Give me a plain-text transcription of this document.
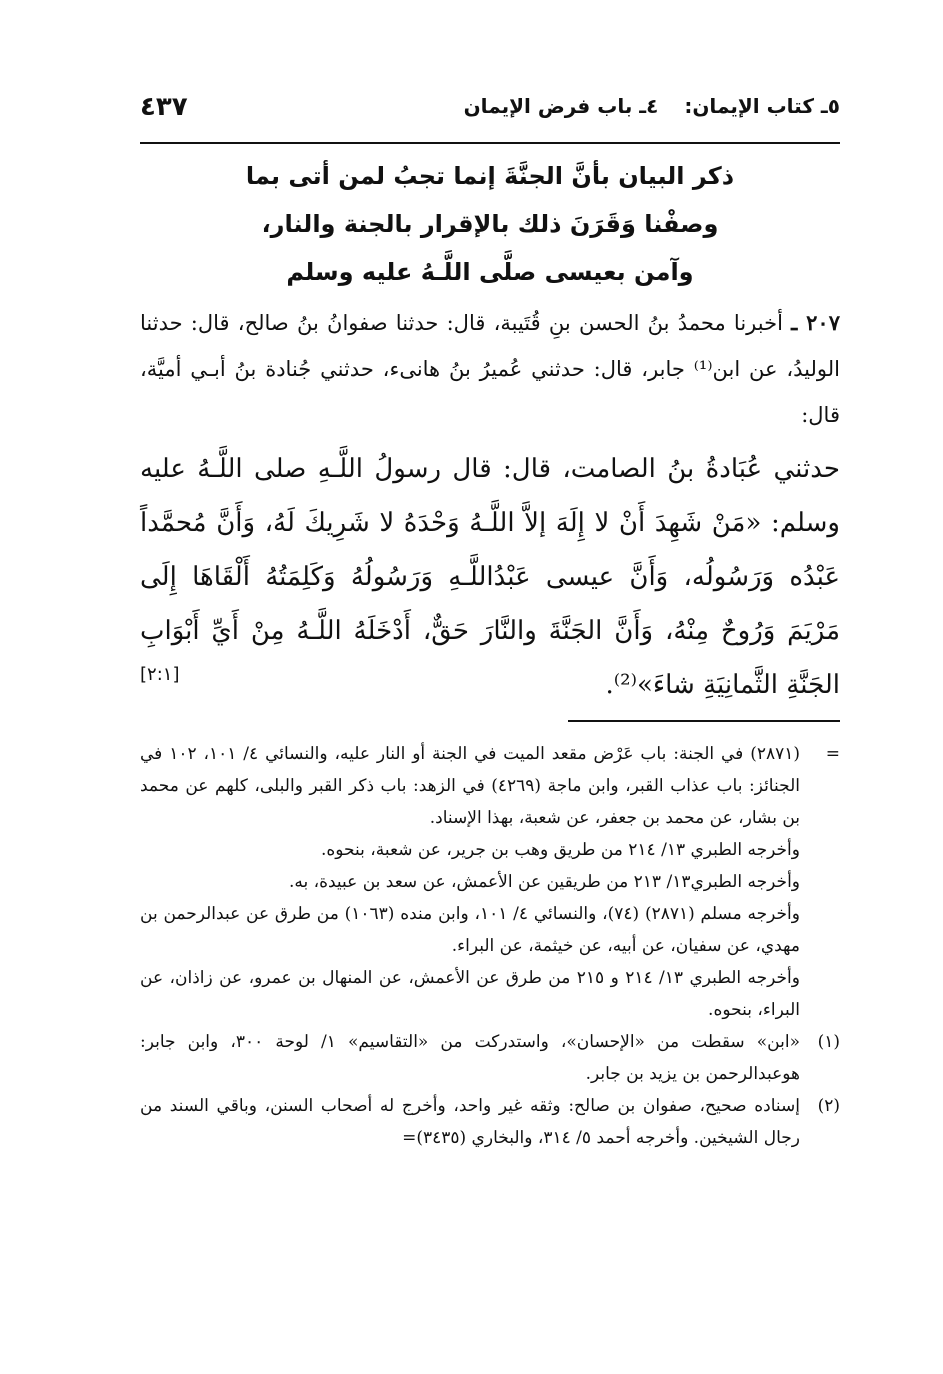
٤٣٧	٥ـ كتاب الإيمان:٤ـ باب فرض الإيمان
ذكر البيان بأنَّ الجنَّةَ إنما تجبُ لمن أتى بما
وصفْنا وَقَرَنَ ذلك بالإقرار بالجنة والنار،
وآمن بعيسى صلَّى اللَّـهُ عليه وسلم
٢٠٧ ـ أخبرنا محمدُ بنُ الحسن بنِ قُتَيبة، قال: حدثنا صفوانُ بنُ صالح، قال: حدثنا الوليدُ، عن ابن⁽¹⁾ جابر، قال: حدثني عُميرُ بنُ هانىء، حدثني جُنادة بنُ أبـي أميَّة، قال:
حدثني عُبَادةُ بنُ الصامت، قال: قال رسولُ اللَّـهِ صلى اللَّـهُ عليه وسلم: «مَنْ شَهِدَ أَنْ لا إِلَهَ إلاَّ اللَّـهُ وَحْدَهُ لا شَرِيكَ لَهُ، وَأَنَّ مُحمَّداً عَبْدُه وَرَسُولُه، وَأَنَّ عيسى عَبْدُاللَّـهِ وَرَسُولُهُ وَكَلِمَتُهُ أَلْقَاهَا إِلَى مَرْيَمَ وَرُوحٌ مِنْهُ، وَأَنَّ الجَنَّةَ والنَّارَ حَقٌّ، أَدْخَلَهُ اللَّـهُ مِنْ أَيِّ أَبْوَابِ الجَنَّةِ الثَّمانِيَةِ شاءَ»⁽²⁾.
[٢:١]
=

(٢٨٧١) في الجنة: باب عَرْض مقعد الميت في الجنة أو النار عليه، والنسائي ٤/ ١٠١، ١٠٢ في الجنائز: باب عذاب القبر، وابن ماجة (٤٢٦٩) في الزهد: باب ذكر القبر والبلى، كلهم عن محمد بن بشار، عن محمد بن جعفر، عن شعبة، بهذا الإسناد.

وأخرجه الطبري ١٣/ ٢١٤ من طريق وهب بن جرير، عن شعبة، بنحوه.

وأخرجه الطبري١٣/ ٢١٣ من طريقين عن الأعمش، عن سعد بن عبيدة، به.

وأخرجه مسلم (٢٨٧١) (٧٤)، والنسائي ٤/ ١٠١، وابن منده (١٠٦٣) من طرق عن عبدالرحمن بن مهدي، عن سفيان، عن أبيه، عن خيثمة، عن البراء.

وأخرجه الطبري ١٣/ ٢١٤ و ٢١٥ من طرق عن الأعمش، عن المنهال بن عمرو، عن زاذان، عن البراء، بنحوه.

(١)

«ابن» سقطت من «الإحسان»، واستدركت من «التقاسيم» ١/ لوحة ٣٠٠، وابن جابر: هوعبدالرحمن بن يزيد بن جابر.

(٢)

إسناده صحيح، صفوان بن صالح: وثقه غير واحد، وأخرج له أصحاب السنن، وباقي السند من رجال الشيخين. وأخرجه أحمد ٥/ ٣١٤، والبخاري (٣٤٣٥)=
